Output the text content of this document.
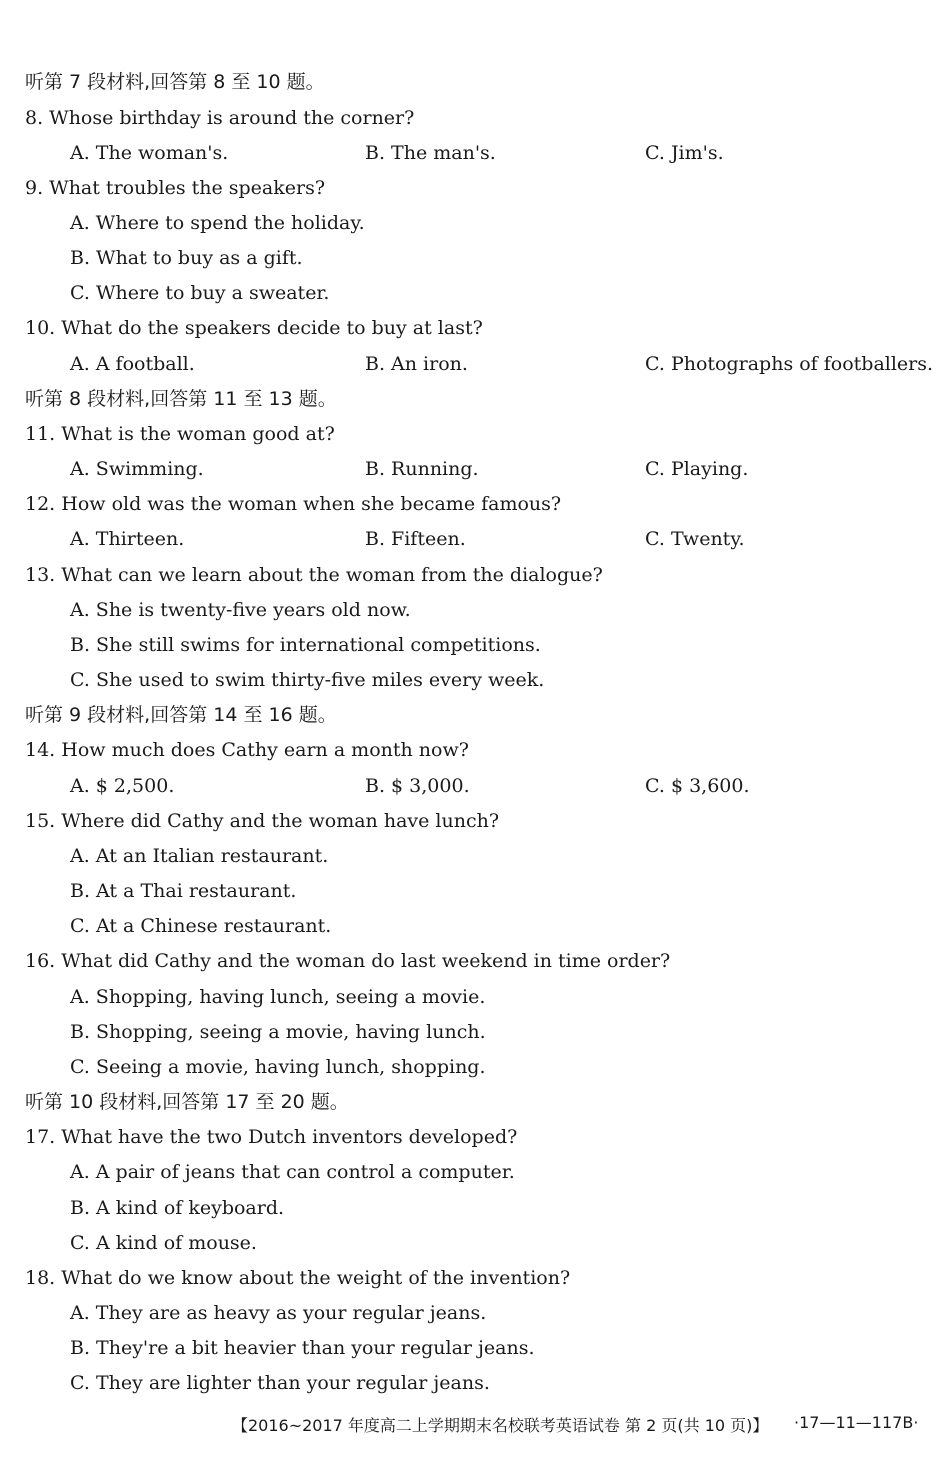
听第 7 段材料,回答第 8 至 10 题。
8. Whose birthday is around the corner?
A. The woman's.	B. The man's.	C. Jim's.
9. What troubles the speakers?
A. Where to spend the holiday.
B. What to buy as a gift.
C. Where to buy a sweater.
10. What do the speakers decide to buy at last?
A. A football.	B. An iron.	C. Photographs of footballers.
听第 8 段材料,回答第 11 至 13 题。
11. What is the woman good at?
A. Swimming.	B. Running.	C. Playing.
12. How old was the woman when she became famous?
A. Thirteen.	B. Fifteen.	C. Twenty.
13. What can we learn about the woman from the dialogue?
A. She is twenty-five years old now.
B. She still swims for international competitions.
C. She used to swim thirty-five miles every week.
听第 9 段材料,回答第 14 至 16 题。
14. How much does Cathy earn a month now?
A. $ 2,500.	B. $ 3,000.	C. $ 3,600.
15. Where did Cathy and the woman have lunch?
A. At an Italian restaurant.
B. At a Thai restaurant.
C. At a Chinese restaurant.
16. What did Cathy and the woman do last weekend in time order?
A. Shopping, having lunch, seeing a movie.
B. Shopping, seeing a movie, having lunch.
C. Seeing a movie, having lunch, shopping.
听第 10 段材料,回答第 17 至 20 题。
17. What have the two Dutch inventors developed?
A. A pair of jeans that can control a computer.
B. A kind of keyboard.
C. A kind of mouse.
18. What do we know about the weight of the invention?
A. They are as heavy as your regular jeans.
B. They're a bit heavier than your regular jeans.
C. They are lighter than your regular jeans.
【2016~2017 年度高二上学期期末名校联考英语试卷 第 2 页(共 10 页)】 ·17—11—117B·
